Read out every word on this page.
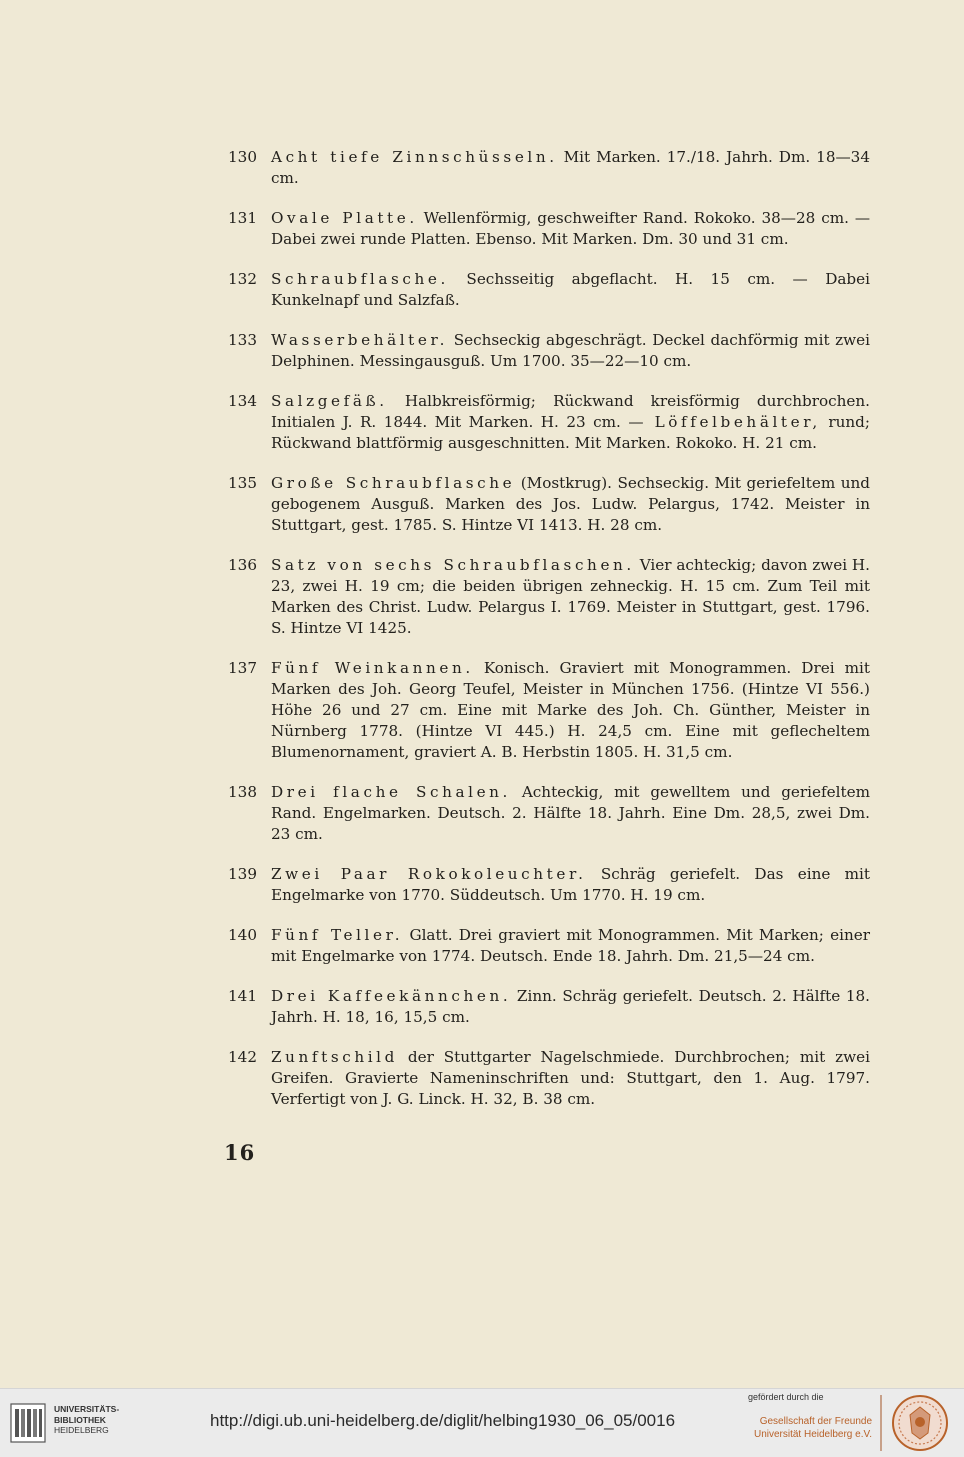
130 Acht tiefe Zinnschüsseln. Mit Marken. 17./18. Jahrh. Dm. 18—34 cm.
131 Ovale Platte. Wellenförmig, geschweifter Rand. Rokoko. 38—28 cm. — Dabei zwei runde Platten. Ebenso. Mit Marken. Dm. 30 und 31 cm.
132 Schraubflasche. Sechsseitig abgeflacht. H. 15 cm. — Dabei Kunkelnapf und Salzfaß.
133 Wasserbehälter. Sechseckig abgeschrägt. Deckel dachförmig mit zwei Delphinen. Messingausguß. Um 1700. 35—22—10 cm.
134 Salzgefäß. Halbkreisförmig; Rückwand kreisförmig durchbrochen. Initialen J. R. 1844. Mit Marken. H. 23 cm. — Löffelbehälter, rund; Rückwand blattförmig ausgeschnitten. Mit Marken. Rokoko. H. 21 cm.
135 Große Schraubflasche (Mostkrug). Sechseckig. Mit geriefeltem und gebogenem Ausguß. Marken des Jos. Ludw. Pelargus, 1742. Meister in Stuttgart, gest. 1785. S. Hintze VI 1413. H. 28 cm.
136 Satz von sechs Schraubflaschen. Vier achteckig; davon zwei H. 23, zwei H. 19 cm; die beiden übrigen zehneckig. H. 15 cm. Zum Teil mit Marken des Christ. Ludw. Pelargus I. 1769. Meister in Stuttgart, gest. 1796. S. Hintze VI 1425.
137 Fünf Weinkannen. Konisch. Graviert mit Monogrammen. Drei mit Marken des Joh. Georg Teufel, Meister in München 1756. (Hintze VI 556.) Höhe 26 und 27 cm. Eine mit Marke des Joh. Ch. Günther, Meister in Nürnberg 1778. (Hintze VI 445.) H. 24,5 cm. Eine mit geflecheltem Blumenornament, graviert A. B. Herbstin 1805. H. 31,5 cm.
138 Drei flache Schalen. Achteckig, mit gewelltem und geriefeltem Rand. Engelmarken. Deutsch. 2. Hälfte 18. Jahrh. Eine Dm. 28,5, zwei Dm. 23 cm.
139 Zwei Paar Rokokoleuchter. Schräg geriefelt. Das eine mit Engelmarke von 1770. Süddeutsch. Um 1770. H. 19 cm.
140 Fünf Teller. Glatt. Drei graviert mit Monogrammen. Mit Marken; einer mit Engelmarke von 1774. Deutsch. Ende 18. Jahrh. Dm. 21,5—24 cm.
141 Drei Kaffeekännchen. Zinn. Schräg geriefelt. Deutsch. 2. Hälfte 18. Jahrh. H. 18, 16, 15,5 cm.
142 Zunftschild der Stuttgarter Nagelschmiede. Durchbrochen; mit zwei Greifen. Gravierte Nameninschriften und: Stuttgart, den 1. Aug. 1797. Verfertigt von J. G. Linck. H. 32, B. 38 cm.
16
UNIVERSITÄTS-
BIBLIOTHEK
HEIDELBERG	http://digi.ub.uni-heidelberg.de/diglit/helbing1930_06_05/0016
gefördert durch die
Gesellschaft der Freunde
Universität Heidelberg e.V.
